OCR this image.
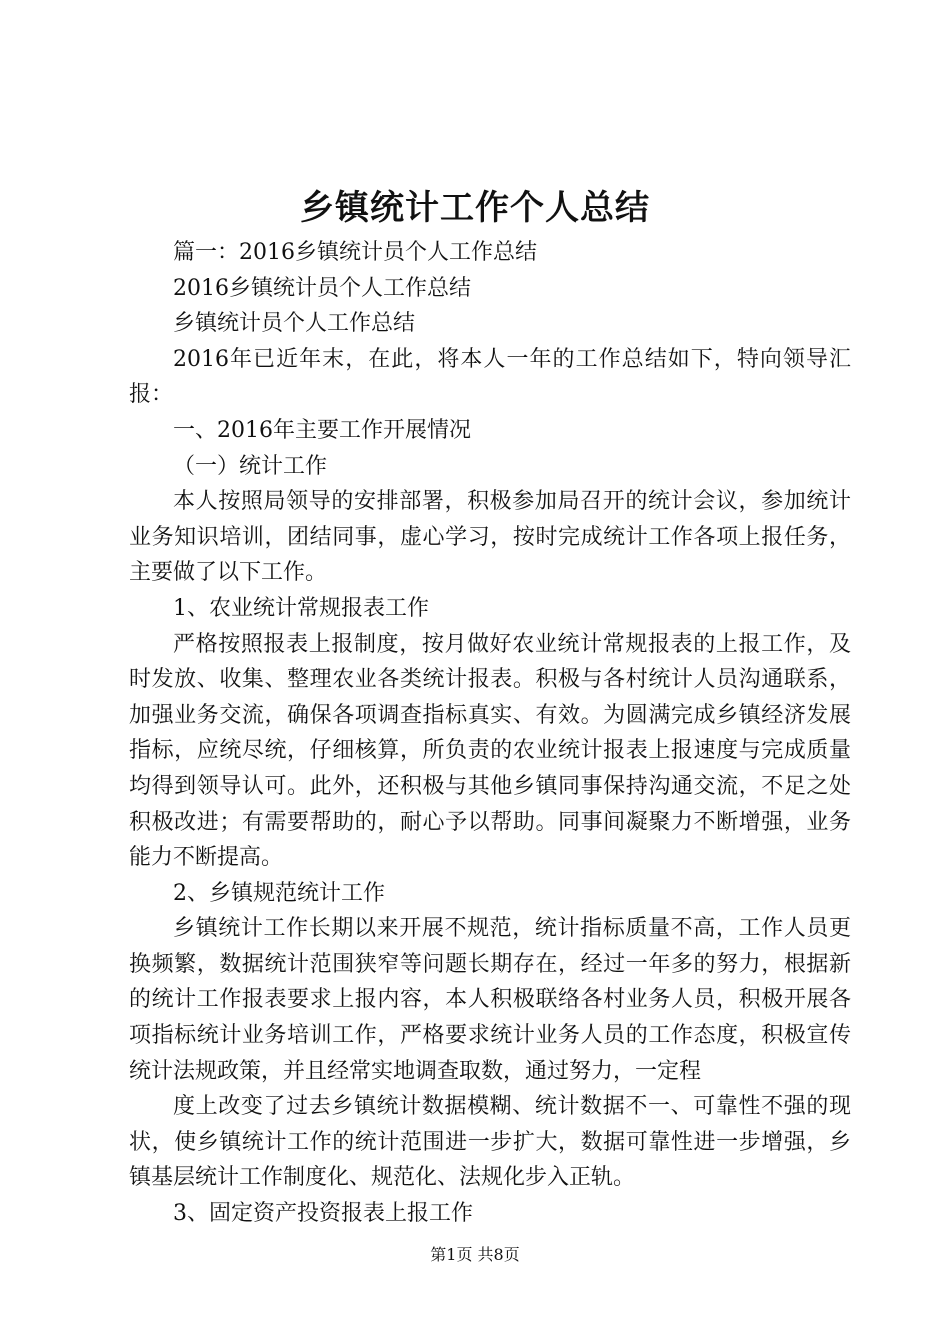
乡镇统计工作个人总结

篇一：2016乡镇统计员个人工作总结

2016乡镇统计员个人工作总结

乡镇统计员个人工作总结

2016年已近年末，在此，将本人一年的工作总结如下，特向领导汇报：

一、2016年主要工作开展情况

（一）统计工作

本人按照局领导的安排部署，积极参加局召开的统计会议，参加统计业务知识培训，团结同事，虚心学习，按时完成统计工作各项上报任务，主要做了以下工作。

1、农业统计常规报表工作

严格按照报表上报制度，按月做好农业统计常规报表的上报工作，及时发放、收集、整理农业各类统计报表。积极与各村统计人员沟通联系，加强业务交流，确保各项调查指标真实、有效。为圆满完成乡镇经济发展指标，应统尽统，仔细核算，所负责的农业统计报表上报速度与完成质量均得到领导认可。此外，还积极与其他乡镇同事保持沟通交流，不足之处积极改进；有需要帮助的，耐心予以帮助。同事间凝聚力不断增强，业务能力不断提高。

2、乡镇规范统计工作

乡镇统计工作长期以来开展不规范，统计指标质量不高，工作人员更换频繁，数据统计范围狭窄等问题长期存在，经过一年多的努力，根据新的统计工作报表要求上报内容，本人积极联络各村业务人员，积极开展各项指标统计业务培训工作，严格要求统计业务人员的工作态度，积极宣传统计法规政策，并且经常实地调查取数，通过努力，一定程

度上改变了过去乡镇统计数据模糊、统计数据不一、可靠性不强的现状，使乡镇统计工作的统计范围进一步扩大，数据可靠性进一步增强，乡镇基层统计工作制度化、规范化、法规化步入正轨。

3、固定资产投资报表上报工作

第1页 共8页
